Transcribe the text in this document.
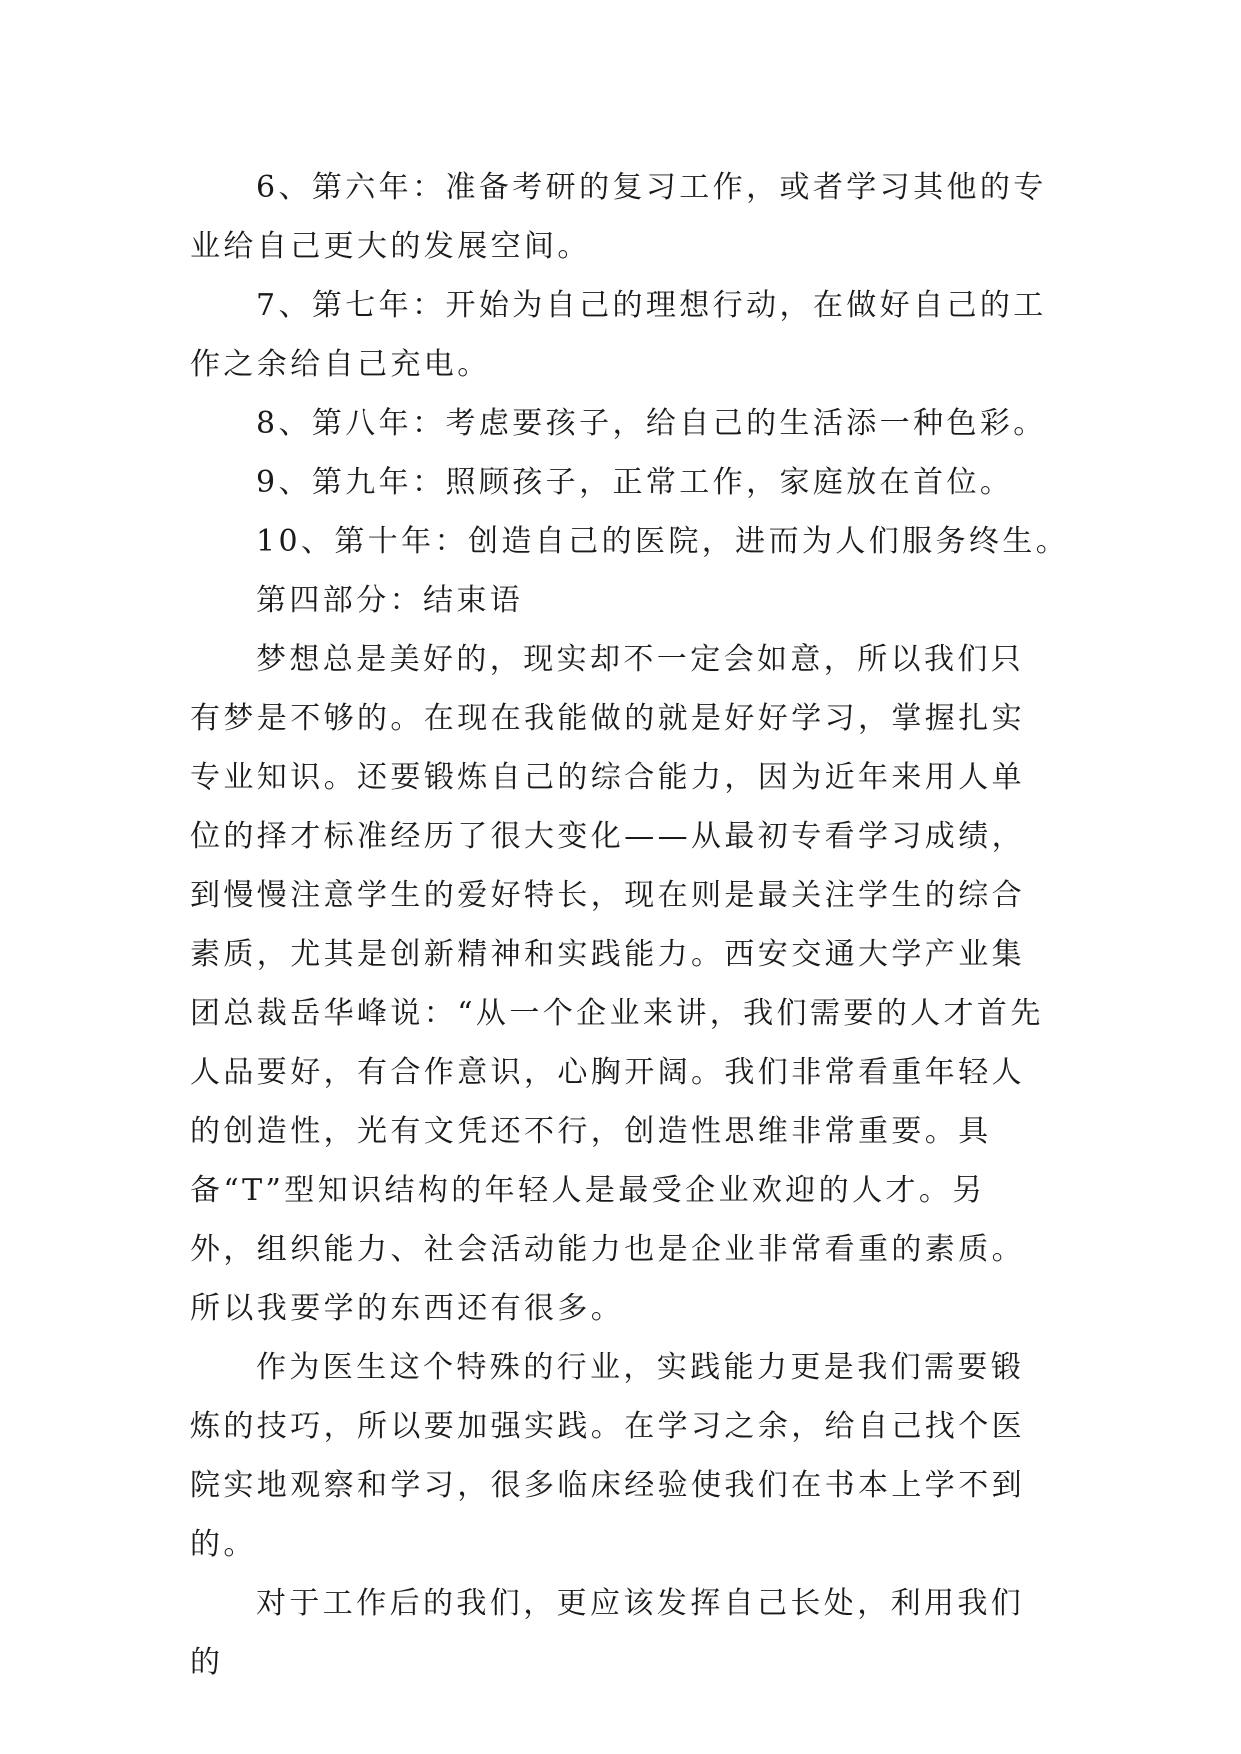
6、第六年：准备考研的复习工作，或者学习其他的专业给自己更大的发展空间。

7、第七年：开始为自己的理想行动，在做好自己的工作之余给自己充电。

8、第八年：考虑要孩子，给自己的生活添一种色彩。

9、第九年：照顾孩子，正常工作，家庭放在首位。

10、第十年：创造自己的医院，进而为人们服务终生。

第四部分：结束语

梦想总是美好的，现实却不一定会如意，所以我们只有梦是不够的。在现在我能做的就是好好学习，掌握扎实专业知识。还要锻炼自己的综合能力，因为近年来用人单位的择才标准经历了很大变化——从最初专看学习成绩，到慢慢注意学生的爱好特长，现在则是最关注学生的综合素质，尤其是创新精神和实践能力。西安交通大学产业集团总裁岳华峰说：“从一个企业来讲，我们需要的人才首先人品要好，有合作意识，心胸开阔。我们非常看重年轻人的创造性，光有文凭还不行，创造性思维非常重要。具备“T”型知识结构的年轻人是最受企业欢迎的人才。另外，组织能力、社会活动能力也是企业非常看重的素质。所以我要学的东西还有很多。

作为医生这个特殊的行业，实践能力更是我们需要锻炼的技巧，所以要加强实践。在学习之余，给自己找个医院实地观察和学习，很多临床经验使我们在书本上学不到的。

对于工作后的我们，更应该发挥自己长处，利用我们的
